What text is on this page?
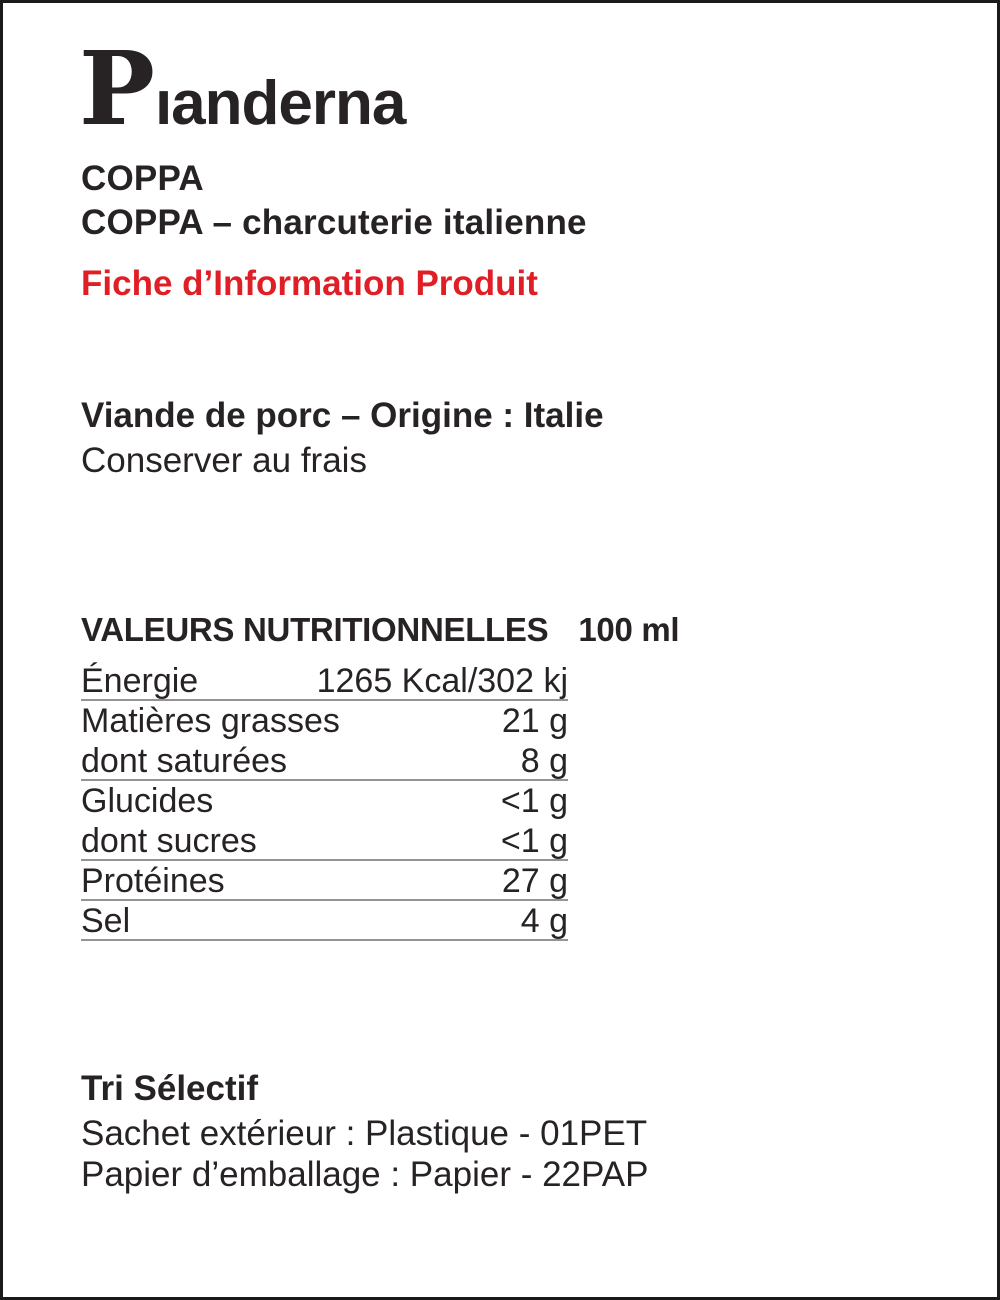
P ıanderna
COPPA
COPPA – charcuterie italienne
Fiche d’Information Produit
Viande de porc – Origine : Italie
Conserver au frais
VALEURS NUTRITIONNELLES 100 ml
Énergie	1265 Kcal/302 kj
Matières grasses	21 g
dont saturées	8 g
Glucides	<1 g
dont sucres	<1 g
Protéines	27 g
Sel	4 g
Tri Sélectif
Sachet extérieur : Plastique - 01PET
Papier d’emballage : Papier - 22PAP
